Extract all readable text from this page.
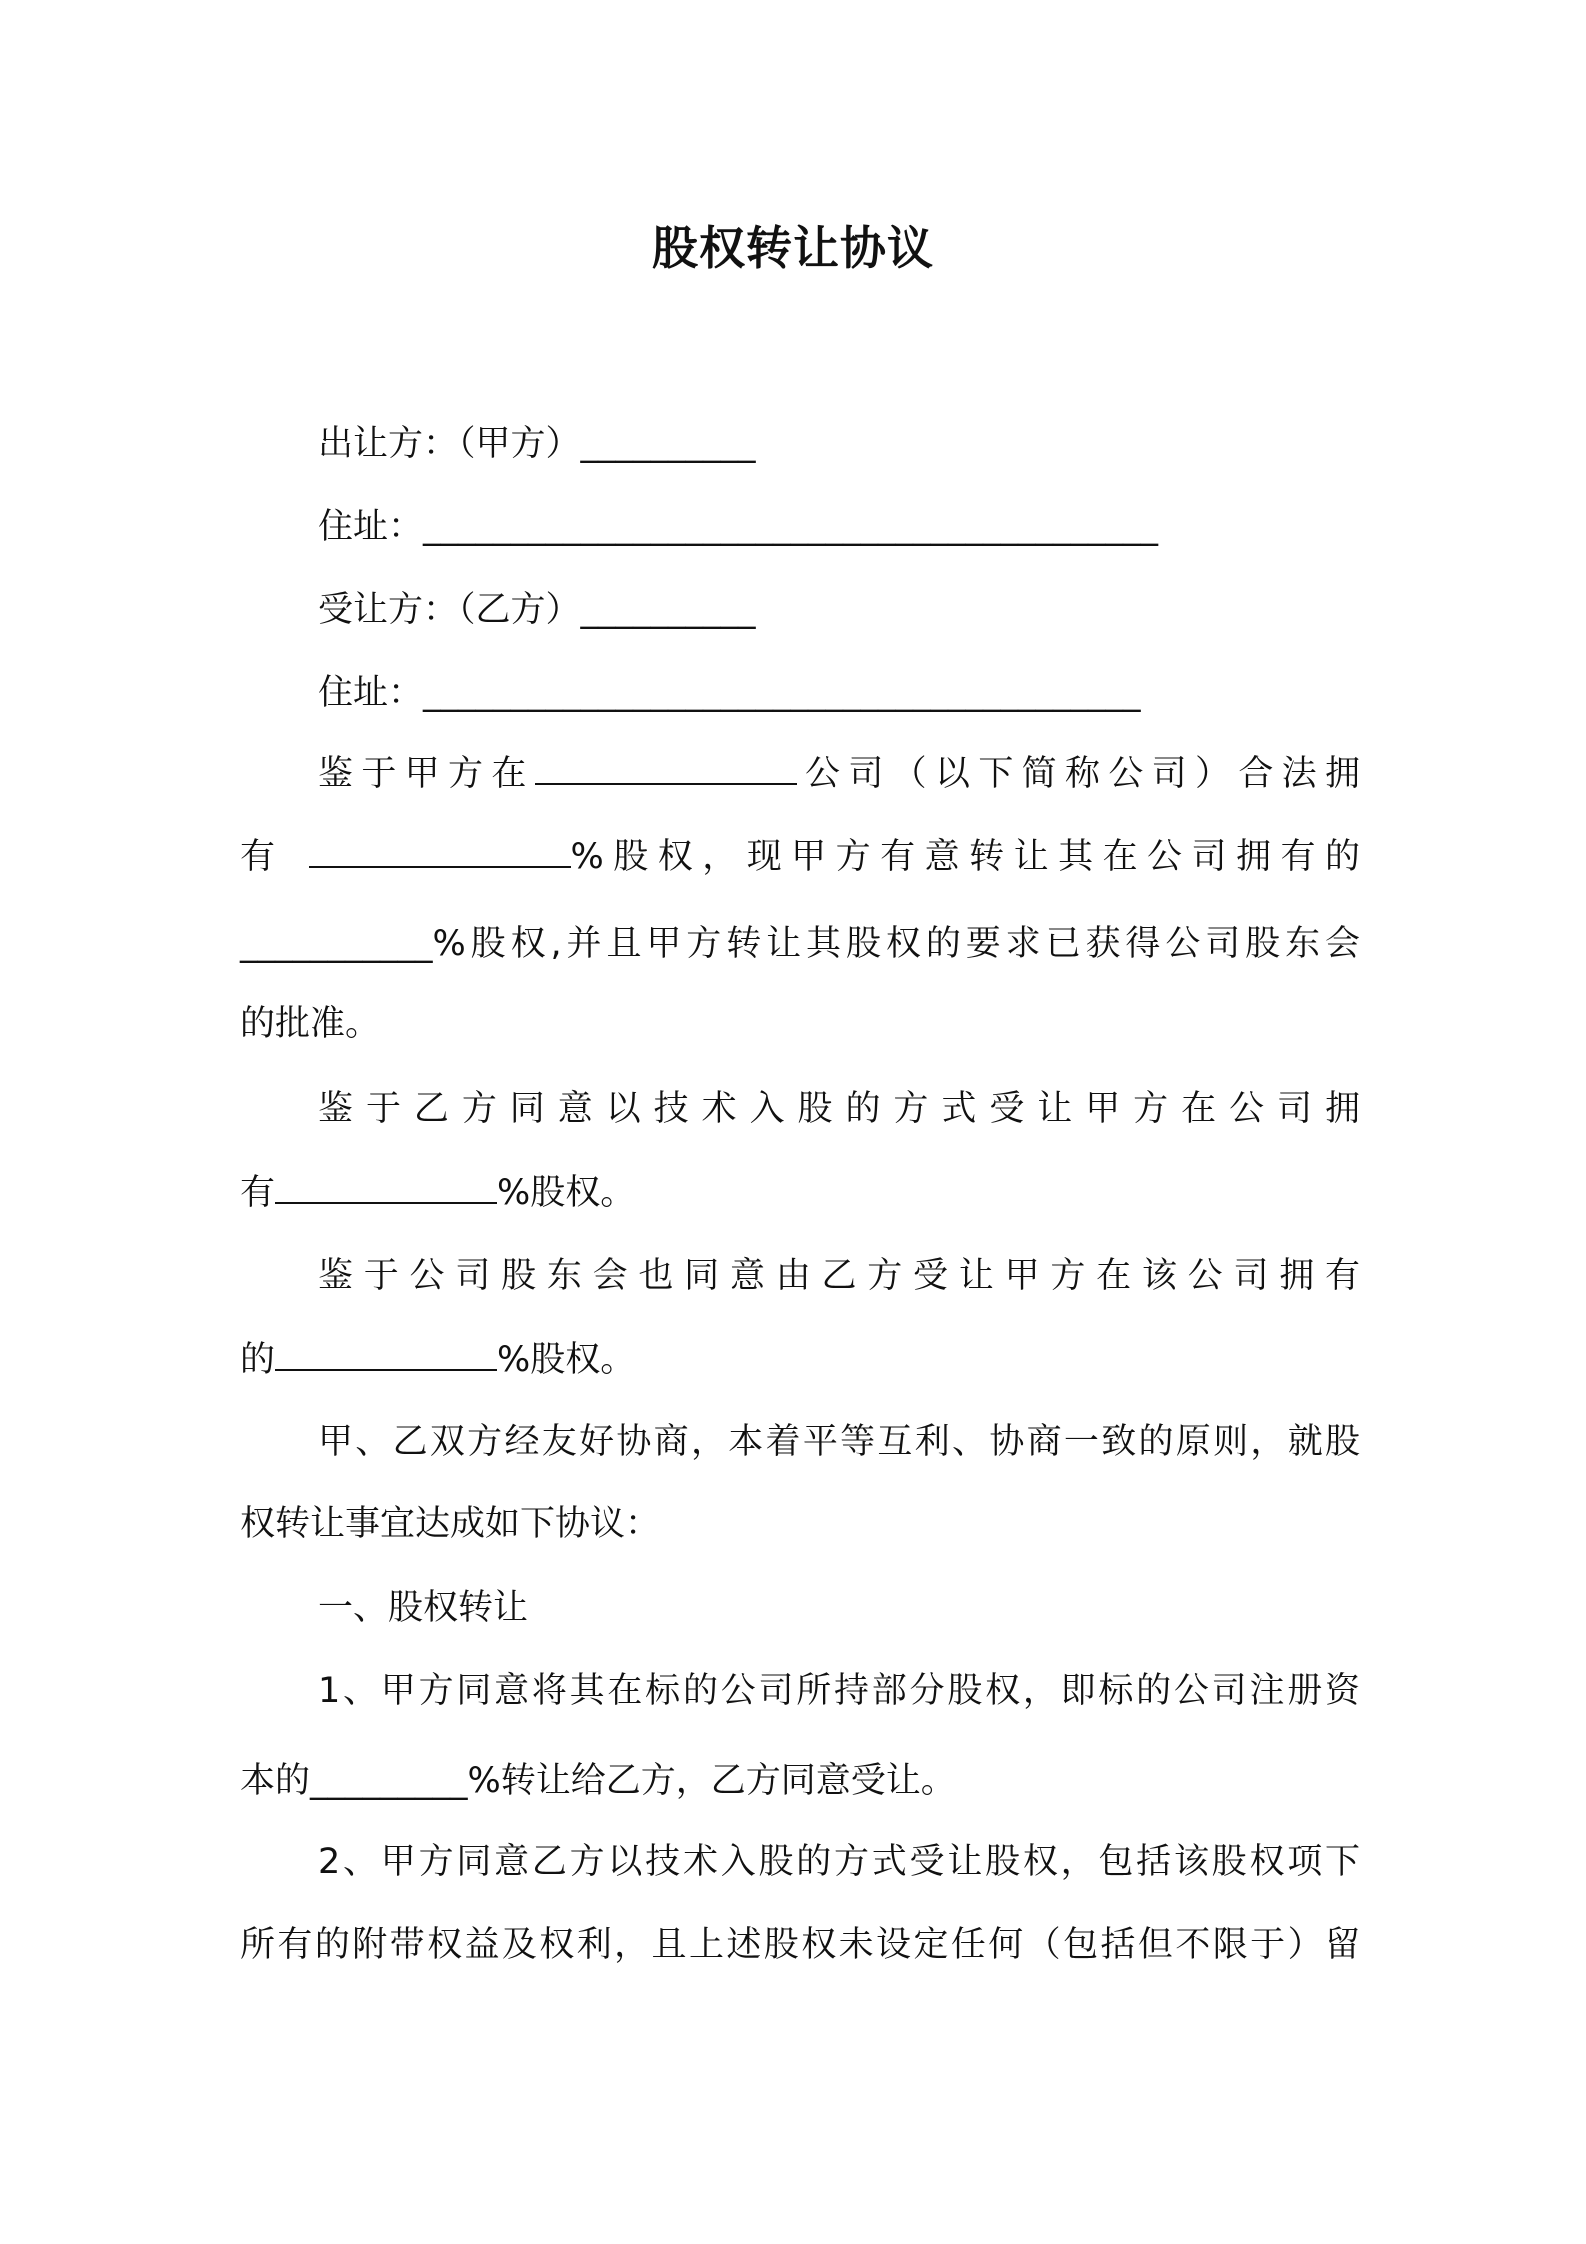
股权转让协议
出让方：（甲方）__________
住址：__________________________________________
受让方：（乙方）__________
住址：_________________________________________
鉴于甲方在	公司（以下简称公司）合法拥
有	%股权，现甲方有意转让其在公司拥有的
___________%股权,并且甲方转让其股权的要求已获得公司股东会
的批准。
鉴于乙方同意以技术入股的方式受让甲方在公司拥
有	%股权。
鉴于公司股东会也同意由乙方受让甲方在该公司拥有
的	%股权。
甲、乙双方经友好协商，本着平等互利、协商一致的原则，就股
权转让事宜达成如下协议：
一、股权转让
1、甲方同意将其在标的公司所持部分股权，即标的公司注册资
本的_________%转让给乙方，乙方同意受让。
2、甲方同意乙方以技术入股的方式受让股权，包括该股权项下
所有的附带权益及权利，且上述股权未设定任何（包括但不限于）留
